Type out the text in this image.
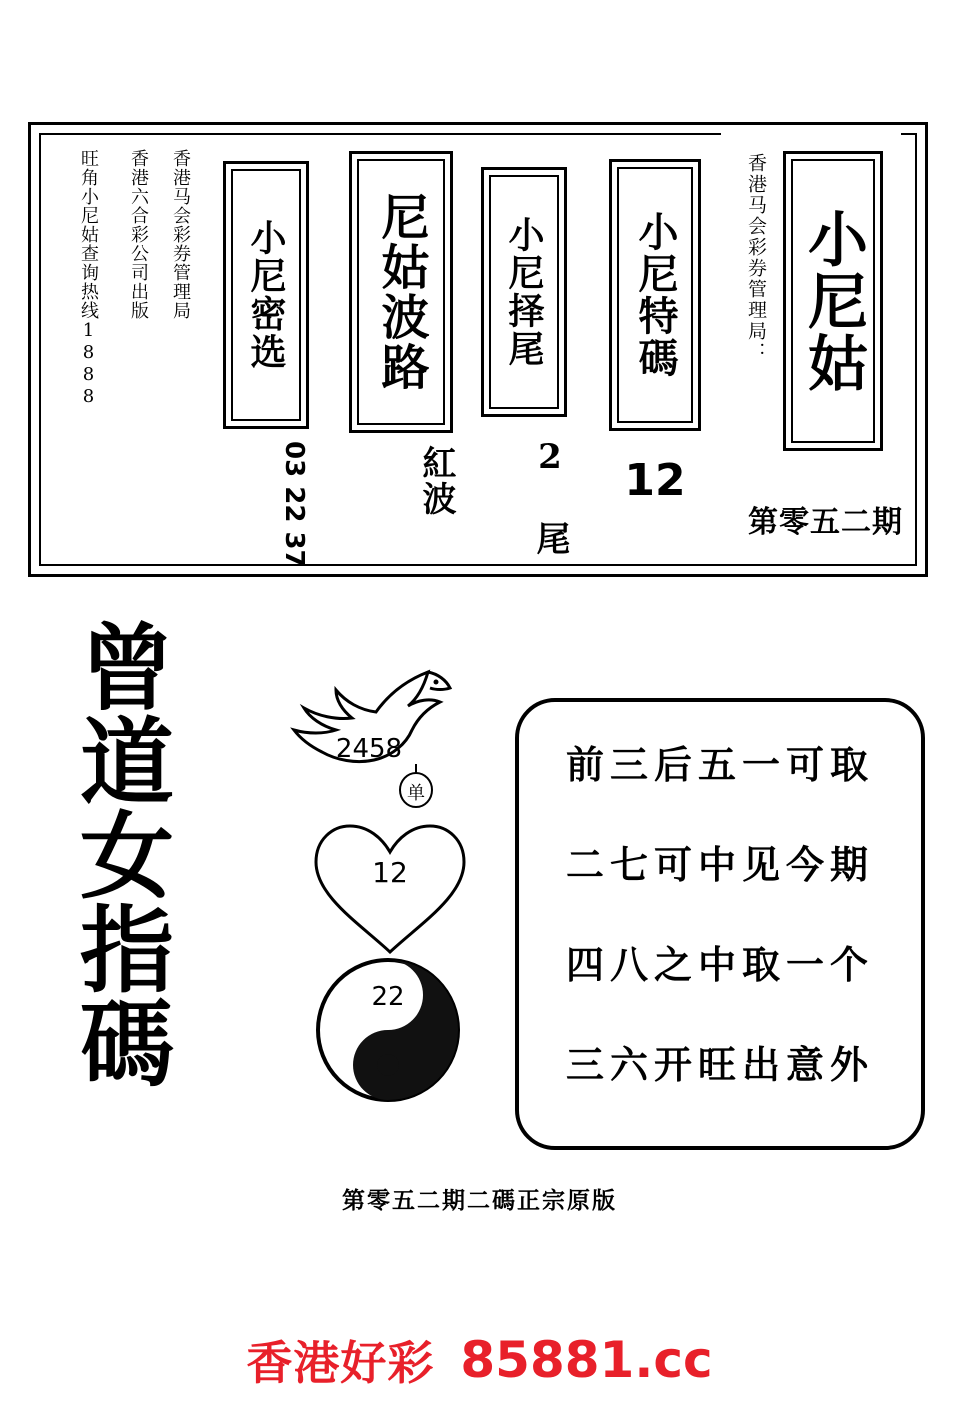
小尼姑
香港马会彩券管理局：
第零五二期
小尼特碼
12
小尼择尾
2 尾
尼姑波路
紅波
小尼密选
03 22 37
香港马会彩券管理局
香港六合彩公司出版
旺角小尼姑查询热线1888
曾
道
女
指
碼
2458
单
12
22
前三后五一可取
二七可中见今期
四八之中取一个
三六开旺出意外
第零五二期二碼正宗原版
香港好彩 85881.cc
